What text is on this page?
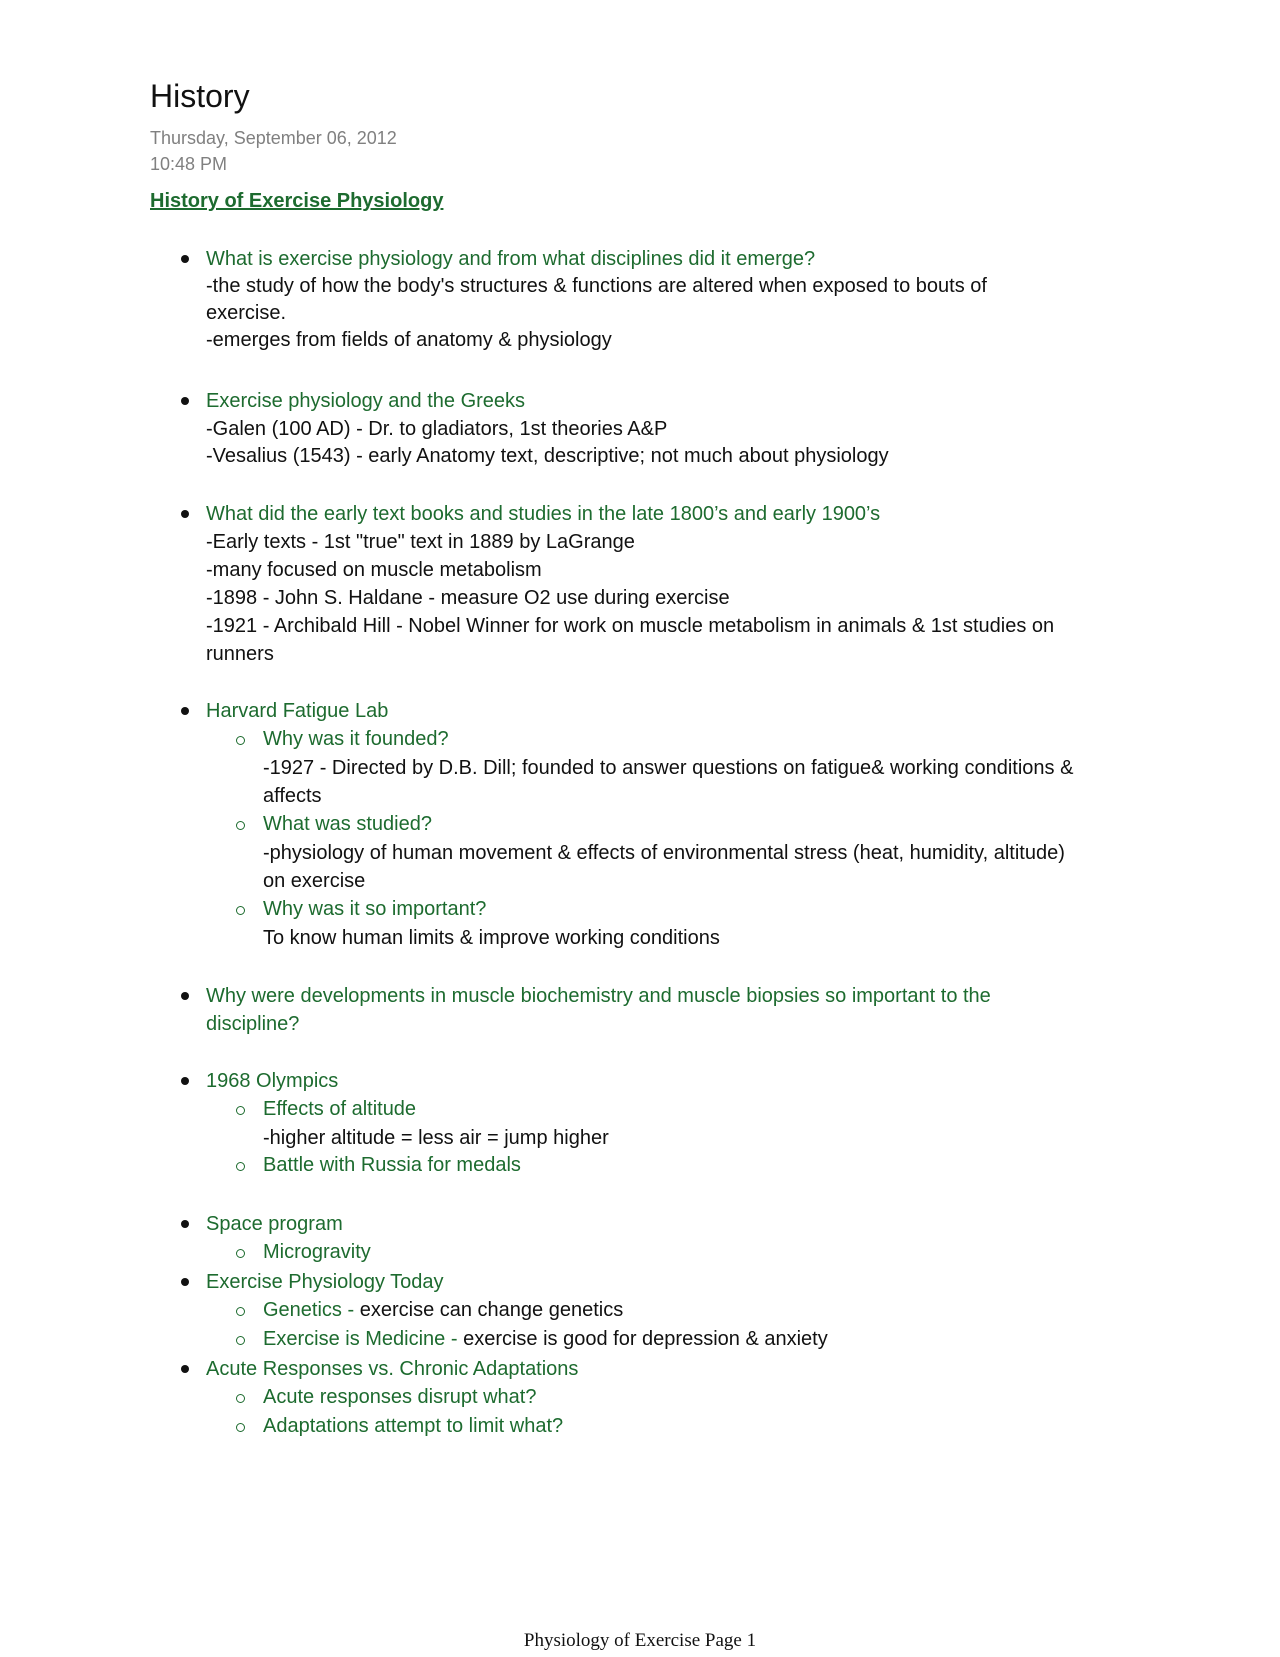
History
Thursday, September 06, 2012
10:48 PM
History of Exercise Physiology
What is exercise physiology and from what disciplines did it emerge?
-the study of how the body's structures & functions are altered when exposed to bouts of
exercise.
-emerges from fields of anatomy & physiology
Exercise physiology and the Greeks
-Galen (100 AD) - Dr. to gladiators, 1st theories A&P
-Vesalius (1543) - early Anatomy text, descriptive; not much about physiology
What did the early text books and studies in the late 1800’s and early 1900’s
-Early texts - 1st "true" text in 1889 by LaGrange
-many focused on muscle metabolism
-1898 - John S. Haldane - measure O2 use during exercise
-1921 - Archibald Hill - Nobel Winner for work on muscle metabolism in animals & 1st studies on
runners
Harvard Fatigue Lab
Why was it founded?
-1927 - Directed by D.B. Dill; founded to answer questions on fatigue& working conditions &
affects
What was studied?
-physiology of human movement & effects of environmental stress (heat, humidity, altitude)
on exercise
Why was it so important?
To know human limits & improve working conditions
Why were developments in muscle biochemistry and muscle biopsies so important to the
discipline?
1968 Olympics
Effects of altitude
-higher altitude = less air = jump higher
Battle with Russia for medals
Space program
Microgravity
Exercise Physiology Today
Genetics - exercise can change genetics
Exercise is Medicine - exercise is good for depression & anxiety
Acute Responses vs. Chronic Adaptations
Acute responses disrupt what?
Adaptations attempt to limit what?
Physiology of Exercise Page 1
